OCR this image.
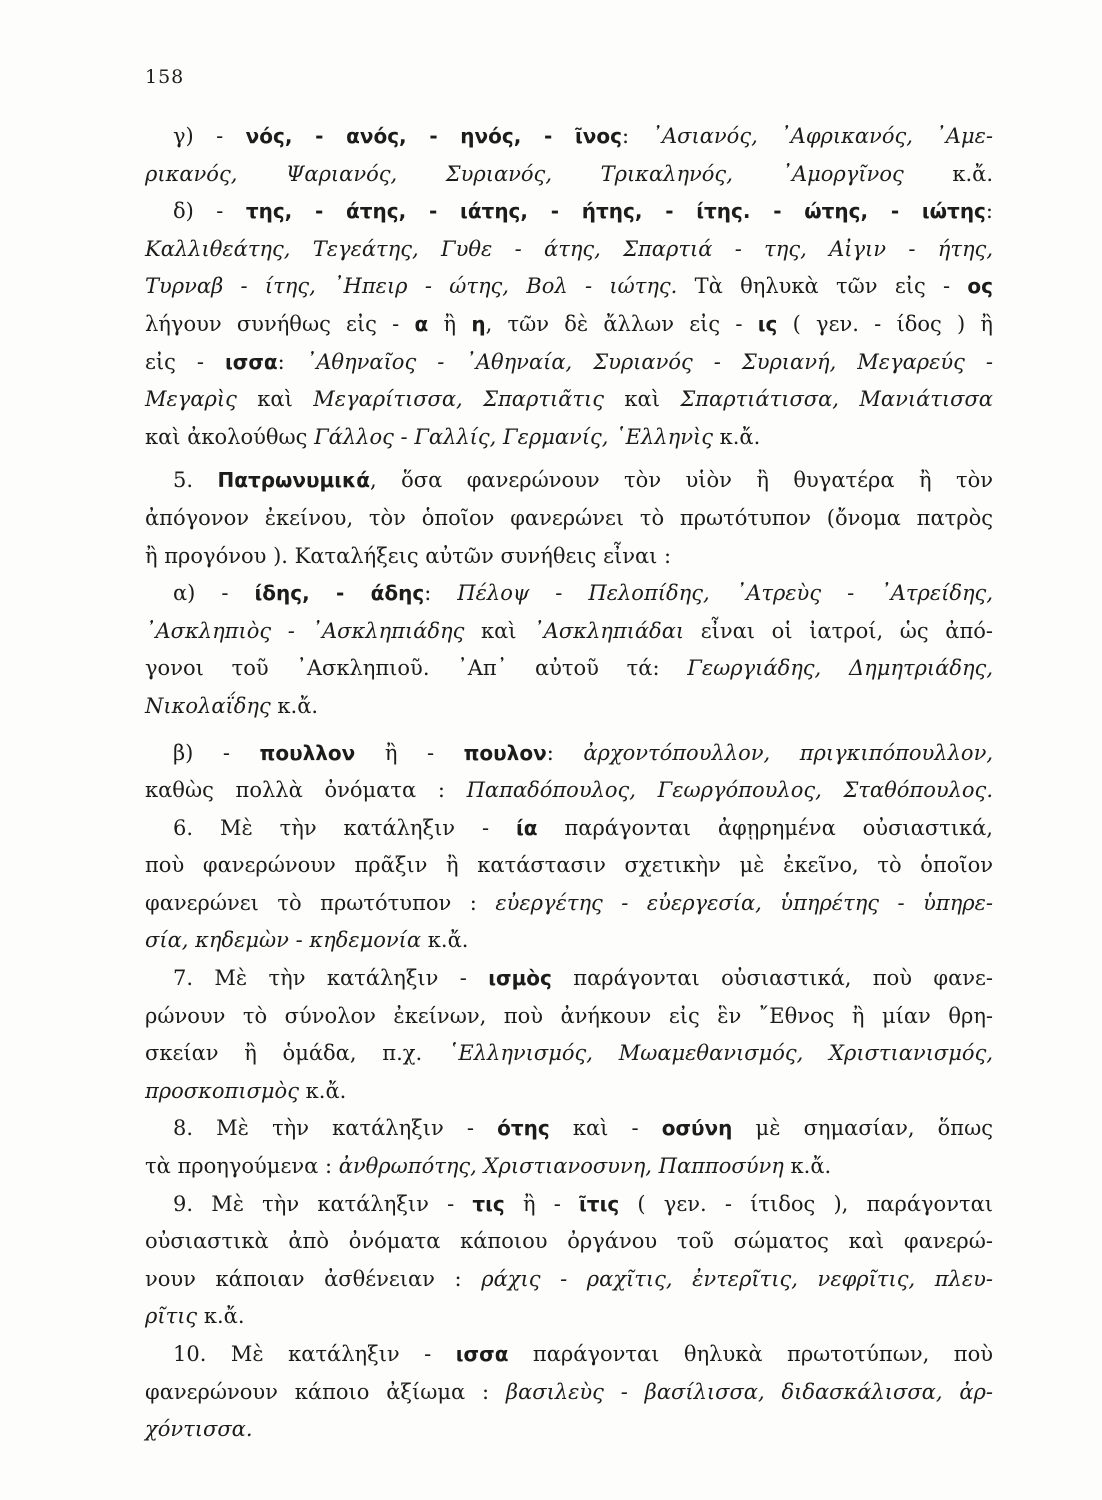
158
γ) - νός, - ανός, - ηνός, - ῖνος: ᾿Ασιανός, ᾿Αφρικανός, ᾿Αμε-
ρικανός, Ψαριανός, Συριανός, Τρικαληνός, ᾿Αμοργῖνος κ.ἄ.
δ) - της, - άτης, - ιάτης, - ήτης, - ίτης. - ώτης, - ιώτης:
Καλλιθεάτης, Τεγεάτης, Γυθε - άτης, Σπαρτιά - της, Αἰγιν - ήτης,
Τυρναβ - ίτης, ᾿Ηπειρ - ώτης, Βολ - ιώτης. Τὰ θηλυκὰ τῶν εἰς - ος
λήγουν συνήθως εἰς - α ἢ η, τῶν δὲ ἄλλων εἰς - ις ( γεν. - ίδος ) ἢ
εἰς - ισσα: ᾿Αθηναῖος - ᾿Αθηναία, Συριανός - Συριανή, Μεγαρεύς -
Μεγαρὶς καὶ Μεγαρίτισσα, Σπαρτιᾶτις καὶ Σπαρτιάτισσα, Μανιάτισσα
καὶ ἀκολούθως Γάλλος - Γαλλίς, Γερμανίς, ῾Ελληνὶς κ.ἄ.
5. Πατρωνυμικά, ὅσα φανερώνουν τὸν υἱὸν ἢ θυγατέρα ἢ τὸν
ἀπόγονον ἐκείνου, τὸν ὁποῖον φανερώνει τὸ πρωτότυπον (ὄνομα πατρὸς
ἢ προγόνου ). Καταλήξεις αὐτῶν συνήθεις εἶναι :
α) - ίδης, - άδης: Πέλοψ - Πελοπίδης, ᾿Ατρεὺς - ᾿Ατρείδης,
᾿Ασκληπιὸς - ᾿Ασκληπιάδης καὶ ᾿Ασκληπιάδαι εἶναι οἱ ἰατροί, ὡς ἀπό-
γονοι τοῦ ᾿Ασκληπιοῦ. ᾿Απ᾿ αὐτοῦ τά: Γεωργιάδης, Δημητριάδης,
Νικολαΐδης κ.ἄ.
β) - πουλλον ἢ - πουλον: ἀρχοντόπουλλον, πριγκιπόπουλλον,
καθὼς πολλὰ ὀνόματα : Παπαδόπουλος, Γεωργόπουλος, Σταθόπουλος.
6. Μὲ τὴν κατάληξιν - ία παράγονται ἀφῃρημένα οὐσιαστικά,
ποὺ φανερώνουν πρᾶξιν ἢ κατάστασιν σχετικὴν μὲ ἐκεῖνο, τὸ ὁποῖον
φανερώνει τὸ πρωτότυπον : εὐεργέτης - εὐεργεσία, ὑπηρέτης - ὑπηρε-
σία, κηδεμὼν - κηδεμονία κ.ἄ.
7. Μὲ τὴν κατάληξιν - ισμὸς παράγονται οὐσιαστικά, ποὺ φανε-
ρώνουν τὸ σύνολον ἐκείνων, ποὺ ἀνήκουν εἰς ἓν ῎Εθνος ἢ μίαν θρη-
σκείαν ἢ ὁμάδα, π.χ. ῾Ελληνισμός, Μωαμεθανισμός, Χριστιανισμός,
προσκοπισμὸς κ.ἄ.
8. Μὲ τὴν κατάληξιν - ότης καὶ - οσύνη μὲ σημασίαν, ὅπως
τὰ προηγούμενα : ἀνθρωπότης, Χριστιανοσυνη, Παπποσύνη κ.ἄ.
9. Μὲ τὴν κατάληξιν - τις ἢ - ῖτις ( γεν. - ίτιδος ), παράγονται
οὐσιαστικὰ ἀπὸ ὀνόματα κάποιου ὀργάνου τοῦ σώματος καὶ φανερώ-
νουν κάποιαν ἀσθένειαν : ράχις - ραχῖτις, ἐντερῖτις, νεφρῖτις, πλευ-
ρῖτις κ.ἄ.
10. Μὲ κατάληξιν - ισσα παράγονται θηλυκὰ πρωτοτύπων, ποὺ
φανερώνουν κάποιο ἀξίωμα : βασιλεὺς - βασίλισσα, διδασκάλισσα, ἀρ-
χόντισσα.
